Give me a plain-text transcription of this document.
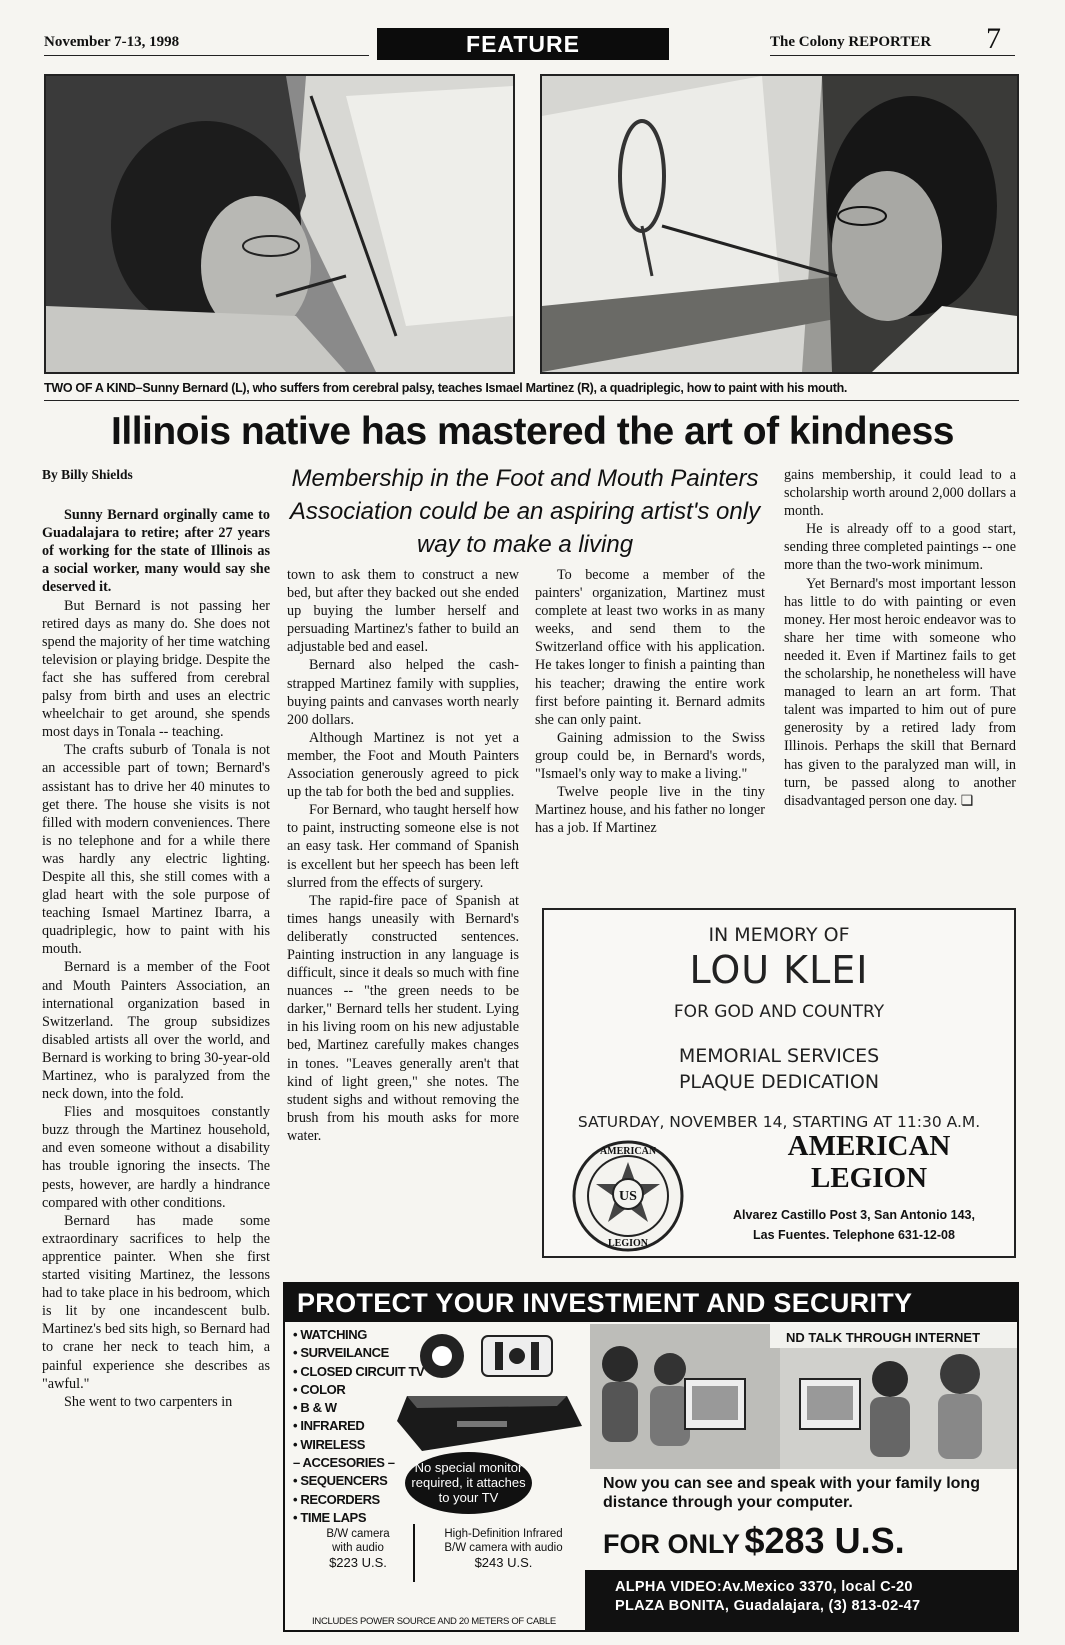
November 7-13, 1998	FEATURE	The Colony REPORTER 7
TWO OF A KIND–Sunny Bernard (L), who suffers from cerebral palsy, teaches Ismael Martinez (R), a quadriplegic, how to paint with his mouth.
Illinois native has mastered the art of kindness
Membership in the Foot and Mouth Painters Association could be an aspiring artist's only way to make a living

By Billy Shields

Sunny Bernard orginally came to Guadalajara to retire; after 27 years of working for the state of Illinois as a social worker, many would say she deserved it.

But Bernard is not passing her retired days as many do. She does not spend the majority of her time watching television or playing bridge. Despite the fact she has suffered from cerebral palsy from birth and uses an electric wheelchair to get around, she spends most days in Tonala -- teaching.

The crafts suburb of Tonala is not an accessible part of town; Bernard's assistant has to drive her 40 minutes to get there. The house she visits is not filled with modern conveniences. There is no telephone and for a while there was hardly any electric lighting. Despite all this, she still comes with a glad heart with the sole purpose of teaching Ismael Martinez Ibarra, a quadriplegic, how to paint with his mouth.

Bernard is a member of the Foot and Mouth Painters Association, an international organization based in Switzerland. The group subsidizes disabled artists all over the world, and Bernard is working to bring 30-year-old Martinez, who is paralyzed from the neck down, into the fold.

Flies and mosquitoes constantly buzz through the Martinez household, and even someone without a disability has trouble ignoring the insects. The pests, however, are hardly a hindrance compared with other conditions.

Bernard has made some extraordinary sacrifices to help the apprentice painter. When she first started visiting Martinez, the lessons had to take place in his bedroom, which is lit by one incandescent bulb. Martinez's bed sits high, so Bernard had to crane her neck to teach him, a painful experience she describes as "awful."

She went to two carpenters in

town to ask them to construct a new bed, but after they backed out she ended up buying the lumber herself and persuading Martinez's father to build an adjustable bed and easel.

Bernard also helped the cash-strapped Martinez family with supplies, buying paints and canvases worth nearly 200 dollars.

Although Martinez is not yet a member, the Foot and Mouth Painters Association generously agreed to pick up the tab for both the bed and supplies.

For Bernard, who taught herself how to paint, instructing someone else is not an easy task. Her command of Spanish is excellent but her speech has been left slurred from the effects of surgery.

The rapid-fire pace of Spanish at times hangs uneasily with Bernard's deliberatly constructed sentences. Painting instruction in any language is difficult, since it deals so much with fine nuances -- "the green needs to be darker," Bernard tells her student. Lying in his living room on his new adjustable bed, Martinez carefully makes changes in tones. "Leaves generally aren't that kind of light green," she notes. The student sighs and without removing the brush from his mouth asks for more water.

To become a member of the painters' organization, Martinez must complete at least two works in as many weeks, and send them to the Switzerland office with his application. He takes longer to finish a painting than his teacher; drawing the entire work first before painting it. Bernard admits she can only paint.

Gaining admission to the Swiss group could be, in Bernard's words, "Ismael's only way to make a living."

Twelve people live in the tiny Martinez house, and his father no longer has a job. If Martinez

gains membership, it could lead to a scholarship worth around 2,000 dollars a month.

He is already off to a good start, sending three completed paintings -- one more than the two-work minimum.

Yet Bernard's most important lesson has little to do with painting or even money. Her most heroic endeavor was to share her time with someone who needed it. Even if Martinez fails to get the scholarship, he nonetheless will have managed to learn an art form. That talent was imparted to him out of pure generosity by a retired lady from Illinois. Perhaps the skill that Bernard has given to the paralyzed man will, in turn, be passed along to another disadvantaged person one day. ❏

IN MEMORY OF
LOU KLEI
FOR GOD AND COUNTRY
MEMORIAL SERVICES
PLAQUE DEDICATION
SATURDAY, NOVEMBER 14, STARTING AT 11:30 A.M.
US
AMERICAN
LEGION
AMERICAN
LEGION
Alvarez Castillo Post 3, San Antonio 143,
Las Fuentes. Telephone 631-12-08
PROTECT YOUR INVESTMENT AND SECURITY
• WATCHING
• SURVEILANCE
• CLOSED CIRCUIT TV
• COLOR
• B & W
• INFRARED
• WIRELESS
– ACCESORIES –
• SEQUENCERS
• RECORDERS
• TIME LAPS
No special monitor required, it attaches to your TV
B/W camera
with audio
$223 U.S.
High-Definition Infrared
B/W camera with audio
$243 U.S.
INCLUDES POWER SOURCE AND 20 METERS OF CABLE
ND TALK THROUGH INTERNET
Now you can see and speak with your family long distance through your computer.
FOR ONLY $283 U.S.
ALPHA VIDEO:Av.Mexico 3370, local C-20
PLAZA BONITA, Guadalajara, (3) 813-02-47
